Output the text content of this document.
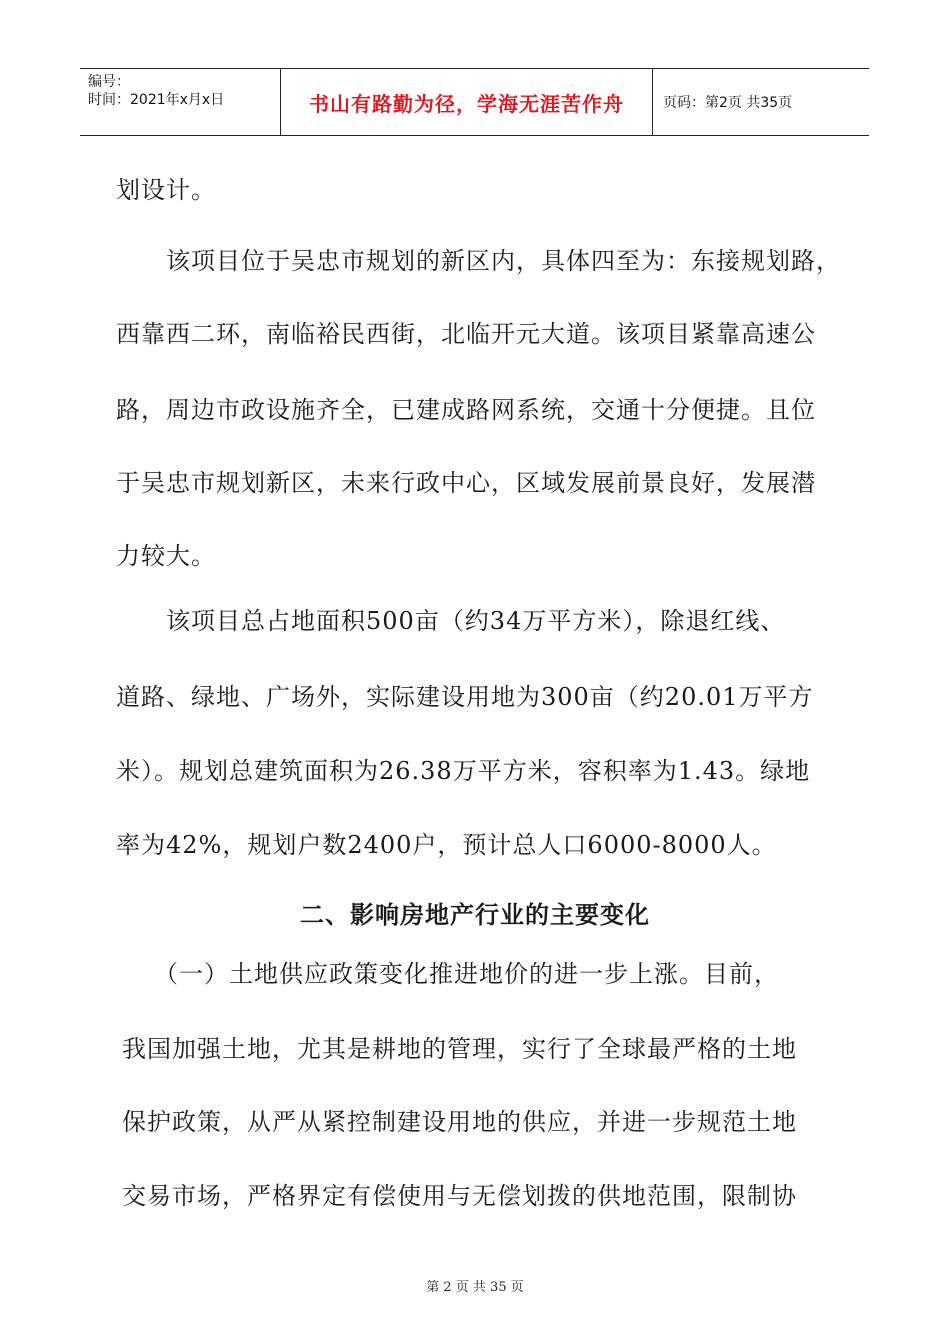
编号：
时间：2021年x月x日	书山有路勤为径，学海无涯苦作舟	页码：第2页 共35页
划设计。
该项目位于吴忠市规划的新区内，具体四至为：东接规划路，
西靠西二环，南临裕民西街，北临开元大道。该项目紧靠高速公
路，周边市政设施齐全，已建成路网系统，交通十分便捷。且位
于吴忠市规划新区，未来行政中心，区域发展前景良好，发展潜
力较大。
该项目总占地面积500亩（约34万平方米），除退红线、
道路、绿地、广场外，实际建设用地为300亩（约20.01万平方
米）。规划总建筑面积为26.38万平方米，容积率为1.43。绿地
率为42%，规划户数2400户，预计总人口6000-8000人。
二、影响房地产行业的主要变化
（一）土地供应政策变化推进地价的进一步上涨。目前，
我国加强土地，尤其是耕地的管理，实行了全球最严格的土地
保护政策，从严从紧控制建设用地的供应，并进一步规范土地
交易市场，严格界定有偿使用与无偿划拨的供地范围，限制协
第 2 页 共 35 页
